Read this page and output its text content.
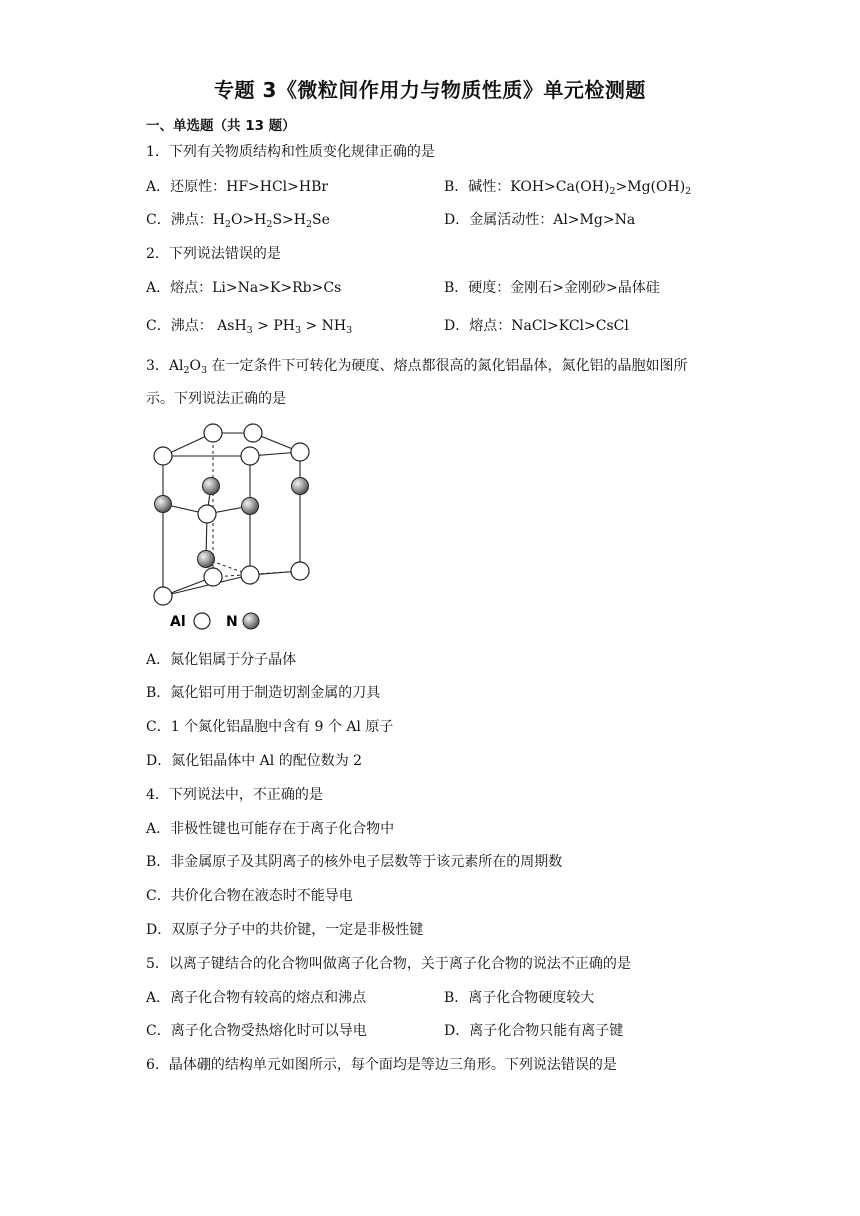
专题 3《微粒间作用力与物质性质》单元检测题
一、单选题（共 13 题）
1．下列有关物质结构和性质变化规律正确的是
A．还原性：HF>HCl>HBr	B．碱性：$KOH>Ca(OH)_2>Mg(OH)_2$
C．沸点：$H_2O>H_2S>H_2Se$	D．金属活动性：Al>Mg>Na
2．下列说法错误的是
A．熔点：Li>Na>K>Rb>Cs	B．硬度：金刚石>金刚砂>晶体硅
C．沸点： $AsH_3 > PH_3 > NH_3$	D．熔点：NaCl>KCl>CsCl
3．$Al_2O_3$ 在一定条件下可转化为硬度、熔点都很高的氮化铝晶体，氮化铝的晶胞如图所
示。下列说法正确的是
Al	N
A．氮化铝属于分子晶体
B．氮化铝可用于制造切割金属的刀具
C．1 个氮化铝晶胞中含有 9 个 Al 原子
D．氮化铝晶体中 Al 的配位数为 2
4．下列说法中，不正确的是
A．非极性键也可能存在于离子化合物中
B．非金属原子及其阴离子的核外电子层数等于该元素所在的周期数
C．共价化合物在液态时不能导电
D．双原子分子中的共价键，一定是非极性键
5．以离子键结合的化合物叫做离子化合物，关于离子化合物的说法不正确的是
A．离子化合物有较高的熔点和沸点	B．离子化合物硬度较大
C．离子化合物受热熔化时可以导电	D．离子化合物只能有离子键
6．晶体硼的结构单元如图所示，每个面均是等边三角形。下列说法错误的是
